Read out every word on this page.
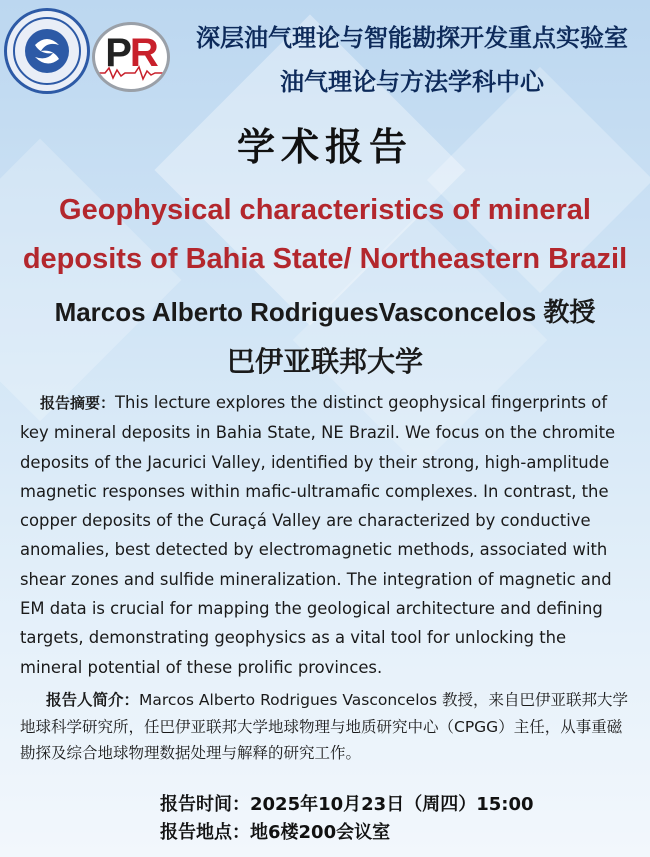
PR	深层油气理论与智能勘探开发重点实验室
油气理论与方法学科中心
学术报告
Geophysical characteristics of mineral
deposits of Bahia State/ Northeastern Brazil
Marcos Alberto RodriguesVasconcelos 教授
巴伊亚联邦大学
报告摘要：This lecture explores the distinct geophysical fingerprints of key mineral deposits in Bahia State, NE Brazil. We focus on the chromite deposits of the Jacurici Valley, identified by their strong, high-amplitude magnetic responses within mafic-ultramafic complexes. In contrast, the copper deposits of the Curaçá Valley are characterized by conductive anomalies, best detected by electromagnetic methods, associated with shear zones and sulfide mineralization. The integration of magnetic and EM data is crucial for mapping the geological architecture and defining targets, demonstrating geophysics as a vital tool for unlocking the mineral potential of these prolific provinces.
报告人简介：Marcos Alberto Rodrigues Vasconcelos 教授，来自巴伊亚联邦大学地球科学研究所，任巴伊亚联邦大学地球物理与地质研究中心（CPGG）主任，从事重磁勘探及综合地球物理数据处理与解释的研究工作。
报告时间：2025年10月23日（周四）15:00
报告地点：地6楼200会议室
